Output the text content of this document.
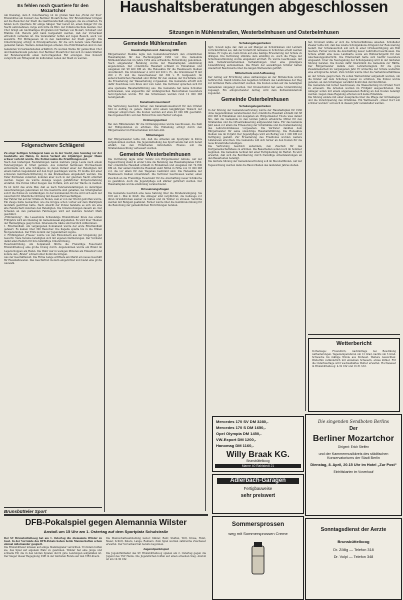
Es fehlen noch Quartiere für den Mozartchor

Am Dienstag, dem 8. Osterfeiertag, ist im großen Saal des „Hotel zur Post“ Brunsbüttel ein Konzert des Berliner Mozartchores. Wir Brunsbütteler bringen auf die Besucher der Stadt die Gastfreundschaft entgegen, die sie erwarten. Es fehlen noch Quartiere für einige Sänger. Wer bereit ist, einen Sänger für die Nacht aufzunehmen, möge sich bitte im Büro der Volkshochschule melden. Der Chor bringt ein reichhaltiges Programm mit Werken von Mozart, Schubert und Brahms mit. Bereits jetzt kann festgestellt werden, daß der Vorverkauf erfreulich verlaufen ist. Die Veranstalter hoffen auf regen Besuch, auch von auswärts. Für Mittagessen ist in den Gaststätten der Stadt gesorgt. Die Unterbringung erfolgt in Privatquartieren, für die sich bereits viele Familien gemeldet haben. Weitere Anmeldungen erbeten. Die Eintrittskarten sind in den bekannten Vorverkaufsstellen erhältlich. Es werden Werke für gemischten Chor und Kammermusik geboten. Der Berliner Mozartchor hat sich in vielen Städten der Bundesrepublik einen hervorragenden Ruf ersungen. Das Konzert verspricht ein Höhepunkt im kulturellen Leben der Stadt zu werden.

Folgenschwere Schlägerei

Zu einer heftigen Schlägerei kam es in der Nacht zum Sonntag vor der Gaststätte am Hafen, in deren Verlauf ein 22jähriger junger Mann schwer verletzt wurde. Die Polizei nahm die Ermittlungen auf.

Nach den bisherigen Feststellungen waren mehrere junge Leute nach einem Tanzvergnügen in Streit geraten. Aus zunächst harmlosen Wortwechseln entwickelte sich eine Schlägerei, in deren Verlauf einer der Beteiligten mit einem harten Gegenstand auf den Kopf geschlagen wurde. Er mußte mit einer schweren Gehirnerschütterung in das Krankenhaus eingeliefert werden. Die Täter flüchteten zunächst, konnten aber noch in der gleichen Nacht ermittelt werden. Gegen sie wurde Anzeige wegen gefährlicher Körperverletzung erstattet. Die Polizei bittet Zeugen des Vorfalls, sich auf der Wache zu melden. Es ist nicht das erste Mal, daß es nach Tanzveranstaltungen zu derartigen Ausschreitungen gekommen ist. Die Gastwirte sind gehalten, bei Streitigkeiten sofort die Polizei zu verständigen. In der kommenden Woche wird sich auch der Ausschuß für öffentliche Ordnung mit diesem Fall beschäftigen.

Der Fahrer fiel auf der Straße zu Boden, weil er von der Wucht getroffen wurde. Ein Zeuge hatte beobachtet, wie die Gruppe schon vorher auf dem Marktplatz lautstark gestritten hatte. Nach Ansicht der Polizei handelte es sich um eine alte Feindschaft zwischen den Beteiligten. Die Untersuchungen dauern an. Der Schaden an den parkenden Fahrzeugen wird auf mehrere hundert Mark geschätzt.

„Elbbrandung“. Die Lesestunde Schwafelige Brunsbütteler Kreis des ersten Frühjahrs wird am Dienstag im Gemeindesaal abgehalten. Es wird über Themen der Heimatpflege gesprochen. Interessierte Gäste sind herzlich willkommen.

1. Elbstrandball. Am vergangenen Sonnabend wurde der erste Elbstrandball gefeiert. Es kamen über 300 Besucher. Die Kapelle spielte bis in die frühen Morgenstunden. Der Erlös kommt der Jugendarbeit zugute.

2. Frühlingsfest „Freese“ wurde von den Einwohnern aus der Umgebung gut besucht. Viele Vereine beteiligten sich mit eigenen Darbietungen. Der Vorstand dankt allen Helfern für ihre tatkräftige Unterstützung.

Feuerwehrübung. Am Sonnabend führte die Freiwillige Feuerwehr Brunsbüttelkoog eine große Übung durch. Angenommen wurde ein Brand im Lagerschuppen am Hafen. Die Wehr war in wenigen Minuten am Einsatzort und konnte den „Brand“ schnell unter Kontrolle bringen.

Aus der Geschäftswelt. Die Firma Lange eröffnete am Markt ein neues Geschäft für Haushaltswaren. Das Geschäft ist modern eingerichtet und bietet eine große Auswahl.

Brunsbütteler Sport
Haushaltsberatungen abgeschlossen

Sitzungen in Mühlenstraßen, Westerbelmhusen und Osterbelmhusen

Gemeinde Mühlenstraßen
Haushaltsplan und -Satzung 1960

Bürgermeister Steinke legte den Gemeindevertretern den ordentlichen Haushaltsplan für das Rechnungsjahr 1960 vor. Die Gemeinde Mühlenstraßen hat im Jahre 1959 eine erfreuliche Entwicklung genommen. Nach eingehender Beratung wurde der Haushaltsplan einstimmig angenommen. Der ordentliche Haushalt schließt in Einnahmen und Ausgaben mit 98 400 DM ab. Die Hebesätze für die Realsteuern bleiben unverändert. Die Grundsteuer A wird mit 200 v. H., die Grundsteuer B mit 200 v. H. und die Gewerbesteuer mit 300 v. H. festgesetzt. Im außerordentlichen Haushalt sind Mittel für den Ausbau der Dorfstraße und die Erweiterung der Wasserleitung vorgesehen. Die Gemeinde erhofft sich dafür Zuschüsse vom Kreis und vom Land. Die Vertreter sprachen sich für eine sparsame Haushaltsführung aus. Die Gemeinde hat keine Schulden aufzuweisen, was angesichts der umfangreichen Bauvorhaben besonders hervorgehoben wurde. Für das Schulwesen werden rund 12 000 DM bereitgestellt.

Kanalisationsentwurf

Die Vertretung beschloß ferner, den Kanalisationsentwurf für den Ortsteil Süd in Auftrag zu geben. Damit wird einem langjährigen Wunsch der Anlieger entsprochen. Die Kosten werden auf etwa 45 000 DM geschätzt. Das Ingenieurbüro soll den Entwurf bis zum Herbst vorlegen.

Ordnungspolizei

Bei den Hilfsdiensten für die Ordnungspolizei wurde beschlossen, die Zahl der Hilfspolizisten zu erhöhen. Die Einteilung erfolgt durch den Bürgermeister im Einvernehmen mit dem Amt.

Mitteilungen

Der Bürgermeister teilte mit, daß die Arbeiten am Sportplatz in Kürze aufgenommen werden. Die Jugendabteilung des Sportvereins hat sich bereit erklärt, bei den Erdarbeiten mitzuhelfen. Ebenso soll die Straßenbeleuchtung verbessert werden.

Gemeinde Westerbelmhusen

Die Vertretung tagte unter Vorsitz von Bürgermeister Ahrens. Auf der Tagesordnung stand in erster Linie die Beratung des Haushaltsplanes 1960. Der ordentliche Haushalt schließt in Einnahmen und Ausgaben mit 74 800 DM ab. Der außerordentliche Haushalt sieht Mittel in Höhe von 31 000 DM vor, die vor allem für den Wegebau bestimmt sind. Die Hebesätze der Realsteuern bleiben unverändert. Die Vertreter beschlossen weiter, einen Zuschuß an die Freiwillige Feuerwehr für die Anschaffung neuer Schläuche zu gewähren. Auch die Jugendpflege soll stärker gefördert werden. Der Haushaltsplan wurde einstimmig verabschiedet.

Ortssatzungsfragen

Die Gemeinde beschloß eine neue Satzung über die Straßenreinigung. Sie tritt am 1. Mai in Kraft. Die Anlieger sind verpflichtet, die Gehwege vor ihren Grundstücken sauber zu halten und im Winter zu streuen. Verstöße werden mit Bußgeld geahndet. Ferner wurde über die Gebührenordnung für die Benutzung der gemeindlichen Einrichtungen beraten.

Schulangelegenheiten

Sprt. Scwell legte dar, daß es auf Mangel an Schulräumen und Lehrern zurückzuführen sei, daß der Unterricht teilweise in Schichten erteilt werden müsse. Er regte an, beim Kreis auf eine baldige Erweiterung der Schule zu drängen. Die Vertretung stimmte dem einmütig zu. Auch die Frage der Schulbusverbindung wurde eingehend erörtert. Es wurde beschlossen, mit dem Verkehrsunternehmen Verhandlungen über eine günstigere Linienführung aufzunehmen. Die Eltern der auswärtigen Schüler hatten wiederholt Beschwerde über die langen Wartezeiten geführt.

Mittelschule und Aufbauzug

Der Antrag auf Errichtung eines Aufbauzuges an der Mittelschule wurde befürwortet. Damit könnte den begabten Schülern des Landkreises der Weg zur mittleren Reife erleichtert werden. Die Kosten sollen auf die beteiligten Gemeinden umgelegt werden. Der Kreisschulrat hat seine Unterstützung zugesagt. Ein entsprechender Antrag wird dem Kultusministerium zugeleitet.

Gemeinde Osterbelmhusen
Schulangelegenheiten

In der Sitzung der Gemeindevertretung wurde der Haushaltsplan für 1960 ohne Gegenstimmen verabschiedet. Der ordentliche Haushalt schließt mit 68 200 DM in Einnahmen und Ausgaben ab. Bürgermeister Thode wies darauf hin, daß die Gemeinde in den letzten Jahren erhebliche Mittel für den Straßenbau und die Ortsentwässerung aufgewendet habe. Für das laufende Jahr seien vor allem die Erneuerung der Schulbänke und die Instandsetzung des Lehrerwohnhauses vorgesehen. Die Vertreter dankten dem Bürgermeister für seine umsichtige Haushaltsführung. Die Hebesätze bleiben wie im Vorjahr. Der Jugendpflege wird ein Betrag von 1 200 DM zur Verfügung gestellt. Zur Erweiterung des Friedhofes wurden weitere Ländereien erworben. Die Gemeinde will sich ferner an den Kosten für die neue Kreisstraße beteiligen.

Die Vertretung beschloß außerdem, den Zuschuß für das Dorfgemeinschaftshaus zu erhöhen. Die Bauarbeiten sollen noch im Sommer beginnen. Die Gemeinde rechnet mit einer Fertigstellung im Herbst. Es wird erwartet, daß sich die Bevölkerung durch freiwillige Arbeitsleistungen an den Bauarbeiten beteiligt.

Die nächste Sitzung der Gemeindevertretung soll im Mai stattfinden. Auf der Tagesordnung werden dann die Bauvorhaben des laufenden Jahres stehen.

hat. Kronnell wähle er sich die Schulverhältnisse ansehen. Schulleiter Zieeler teilte mit, daß das zweite Schulgebäude dringend der Renovierung bedarf. Der Schulausschuß soll sich in einer Ortsbesichtigung ein Bild machen. Ferner wurde die Anschaffung neuer Lehrmittel beschlossen. Die Schule erhält eine neue Landkarte sowie ein Bildwerfergerät für den Anschauungsunterricht. Die Elternschaft hatte sich hierfür besonders eingesetzt. Über die Neuregelung der Schulspeisung wird in der nächsten Sitzung beraten. Die Kosten dafür übernimmt die Gemeinde zur Hälfte. Der Bürgermeister dankte dem Lehrerkollegium für die gute Zusammenarbeit im vergangenen Jahr. Er wünschte der Schule weiterhin eine erfolgreiche Arbeit. Zum Schluß wurde über die Verkehrsverhältnisse an der Schule gesprochen. Es sollen Warnschilder aufgestellt werden, um die Kinder auf dem Schulweg besser zu schützen. Die Polizei wurde gebeten, an den Schultagen verstärkt Kontrollen durchzuführen.

Die Gemeinde hat ferner beschlossen, die Wasserleitung im Ortsteil Nord zu erneuern. Die Arbeiten werden im Frühjahr ausgeschrieben. Die Anlieger sollen mit einem angemessenen Beitrag an den Kosten beteiligt werden. Gegen diese Regelung erhoben sich keine Einwände.

Die Sitzung endete mit einer Aussprache über die Pflege der Grünanlagen und die Verschönerung des Ortsbildes. Ein Wettbewerb „Unser Dorf soll schöner werden“ soll auch in diesem Jahr veranstaltet werden.

Wetterbericht

Vorhersage: Freundlich, nachmittags bei Bewölkung Aufheiterungen. Tagestemperaturen um 12 Grad, nachts um 3 Grad. Schwache bis mäßige Winde aus Südwest. Weitere Aussichten: Weiterhin veränderlich mit einzelnen Schauern, etwas kühler. Für die Osterfeiertage wird wechselhaftes Wetter erwartet. Hochwasser in Brunsbüttelkoog: 4.32 Uhr und 16.51 Uhr.

DFB-Pokalspiel gegen Alemannia Wilster

Anstoß um 15 Uhr am 1. Ostertag auf dem Sportplatz Schulstraße

Der SV Brunsbüttelkoog hat am 1. Ostertag die Alemannia Wilster zu Gast. In der Vorrunde des DFB-Pokals haben beide Mannschaften schon einmal miteinander gespielt.

Die Brunsbütteler müssen auf einige Stammspieler verzichten. Trotzdem hoffen sie, das Spiel auf eigenem Platz zu gewinnen. Wilster hat eine junge und schnelle Elf, die in den letzten Spielen durch gute Leistungen aufgefallen ist. Der Sieger dieser Begegnung trifft in der nächsten Runde auf den VfB Lübeck.

Die Mannschaftsaufstellung lautet: Kähler, Behr, Steffen, Witt, Kruse, Holst, Meier, Schütt, Peters, Lange, Reimers. Zum Spiel werden zahlreiche Zuschauer erwartet. Der Vorverkauf hat bereits begonnen.

Jugendpunktspiel

Die Jugendfußballer des SV Brunsbüttelkoog spielen am 2. Ostertag gegen die Jugend des TSV Heide. Die Jugendlichen hoffen auf einen erneuten Sieg. Anstoß ist um 10.30 Uhr.

Mercedes 170 SV DM 3280,-
Mercedes 170 S DM 1650,-
Opel Olympia DM 1450,-
VW-Export DM 1200,-
Hanomag DM 1160,-
Willy Braak KG.
Brunsbüttelkoog
Marne 40 Rahlstedt 21
Adlerbach-Garagen
Fertigbauweise
sehr preiswert
Sommersprossen
weg mit Sommersprossen Creme
Die singenden Sendboten Berlins
Der
Berliner Mozartchor
Dirigent: Erich Steffen
und der Kammermusikkreis des städtischen Konservatoriums der Stadt Berlin
Dienstag, 8. April, 20.15 Uhr im Hotel „Zur Post“
Eintrittskarten im Vorverkauf
Sonntagsdienst der Aerzte
Brunsbüttelkoog
Dr. Zöllig — Telefon 318
Dr. Volpl — Telefon 348
